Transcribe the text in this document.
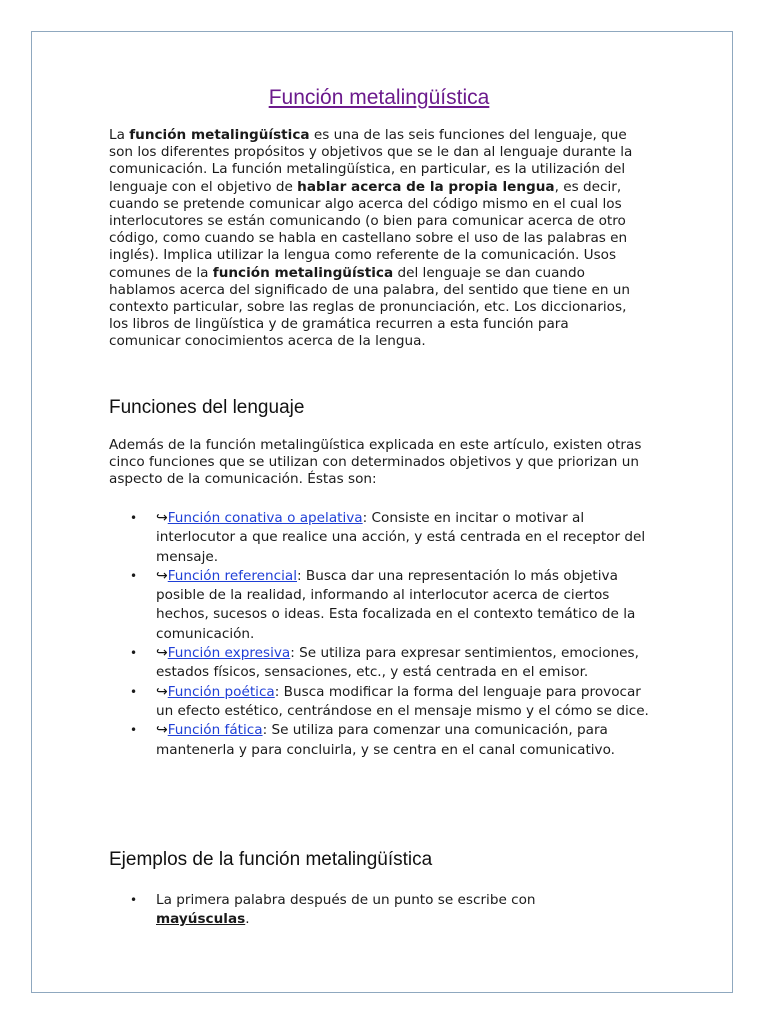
Función metalingüística

La función metalingüística es una de las seis funciones del lenguaje, que son los diferentes propósitos y objetivos que se le dan al lenguaje durante la comunicación. La función metalingüística, en particular, es la utilización del lenguaje con el objetivo de hablar acerca de la propia lengua, es decir, cuando se pretende comunicar algo acerca del código mismo en el cual los interlocutores se están comunicando (o bien para comunicar acerca de otro código, como cuando se habla en castellano sobre el uso de las palabras en inglés). Implica utilizar la lengua como referente de la comunicación. Usos comunes de la función metalingüística del lenguaje se dan cuando hablamos acerca del significado de una palabra, del sentido que tiene en un contexto particular, sobre las reglas de pronunciación, etc. Los diccionarios, los libros de lingüística y de gramática recurren a esta función para comunicar conocimientos acerca de la lengua.

Funciones del lenguaje

Además de la función metalingüística explicada en este artículo, existen otras cinco funciones que se utilizan con determinados objetivos y que priorizan un aspecto de la comunicación. Éstas son:

• ↪Función conativa o apelativa: Consiste en incitar o motivar al interlocutor a que realice una acción, y está centrada en el receptor del mensaje.
• ↪Función referencial: Busca dar una representación lo más objetiva posible de la realidad, informando al interlocutor acerca de ciertos hechos, sucesos o ideas. Esta focalizada en el contexto temático de la comunicación.
• ↪Función expresiva: Se utiliza para expresar sentimientos, emociones, estados físicos, sensaciones, etc., y está centrada en el emisor.
• ↪Función poética: Busca modificar la forma del lenguaje para provocar un efecto estético, centrándose en el mensaje mismo y el cómo se dice.
• ↪Función fática: Se utiliza para comenzar una comunicación, para mantenerla y para concluirla, y se centra en el canal comunicativo.
Ejemplos de la función metalingüística
• La primera palabra después de un punto se escribe con mayúsculas.
